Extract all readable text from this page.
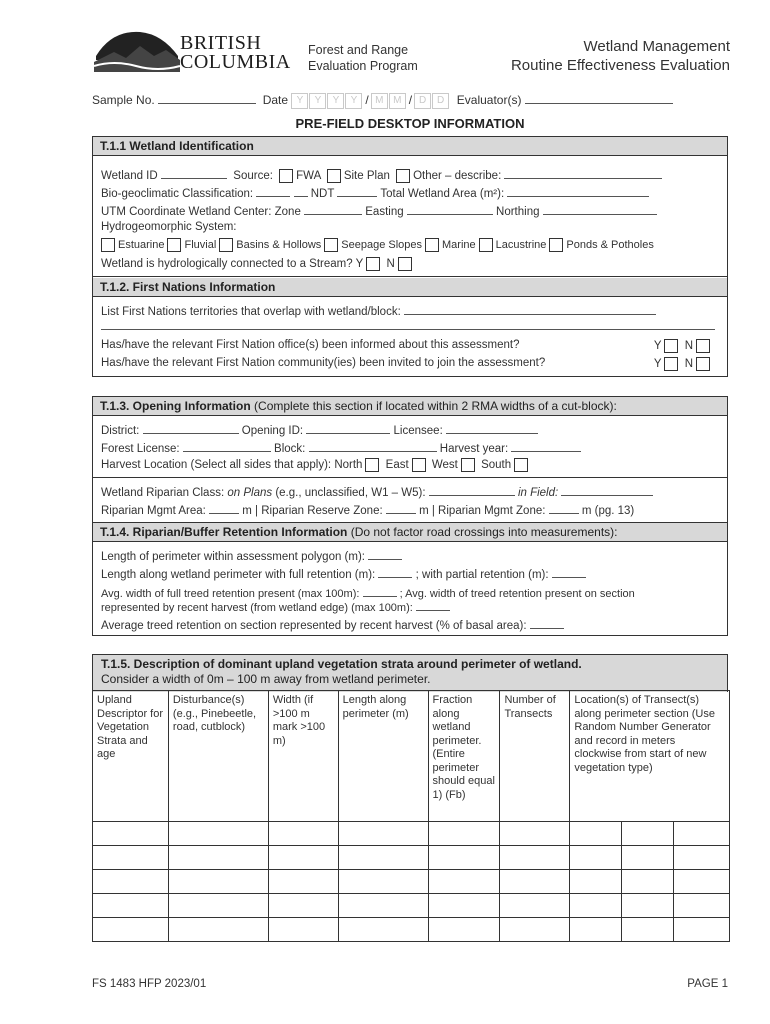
BRITISH
COLUMBIA
Forest and Range
Evaluation Program
Wetland Management
Routine Effectiveness Evaluation
Sample No.	Date Y Y Y Y / M M / D D Evaluator(s)
PRE-FIELD DESKTOP INFORMATION
T.1.1 Wetland Identification
Wetland ID	Source: FWA Site Plan Other – describe:
Bio-geoclimatic Classification:	NDT	Total Wetland Area (m²):
UTM Coordinate Wetland Center: Zone	Easting	Northing
Hydrogeomorphic System:
Estuarine Fluvial Basins & Hollows Seepage Slopes Marine Lacustrine Ponds & Potholes
Wetland is hydrologically connected to a Stream? Y N
T.1.2. First Nations Information
List First Nations territories that overlap with wetland/block:
Has/have the relevant First Nation office(s) been informed about this assessment?	Y N
Has/have the relevant First Nation community(ies) been invited to join the assessment?	Y N
T.1.3. Opening Information (Complete this section if located within 2 RMA widths of a cut-block):
District:	Opening ID:	Licensee:
Forest License:	Block:	Harvest year:
Harvest Location (Select all sides that apply): North East West South
Wetland Riparian Class: on Plans (e.g., unclassified, W1 – W5):	in Field:
Riparian Mgmt Area:	m | Riparian Reserve Zone:	m | Riparian Mgmt Zone:	m (pg. 13)
T.1.4. Riparian/Buffer Retention Information (Do not factor road crossings into measurements):
Length of perimeter within assessment polygon (m):
Length along wetland perimeter with full retention (m):	; with partial retention (m):
Avg. width of full treed retention present (max 100m):	; Avg. width of treed retention present on section
represented by recent harvest (from wetland edge) (max 100m):
Average treed retention on section represented by recent harvest (% of basal area):
T.1.5. Description of dominant upland vegetation strata around perimeter of wetland.
Consider a width of 0m – 100 m away from wetland perimeter.
Upland Descriptor for Vegetation Strata and age	Disturbance(s) (e.g., Pinebeetle, road, cutblock)	Width (if >100 m mark >100 m)	Length along perimeter (m)	Fraction along wetland perimeter. (Entire perimeter should equal 1) (Fb)	Number of Transects	Location(s) of Transect(s) along perimeter section (Use Random Number Generator and record in meters clockwise from start of new vegetation type)		

FS 1483 HFP 2023/01	PAGE 1
